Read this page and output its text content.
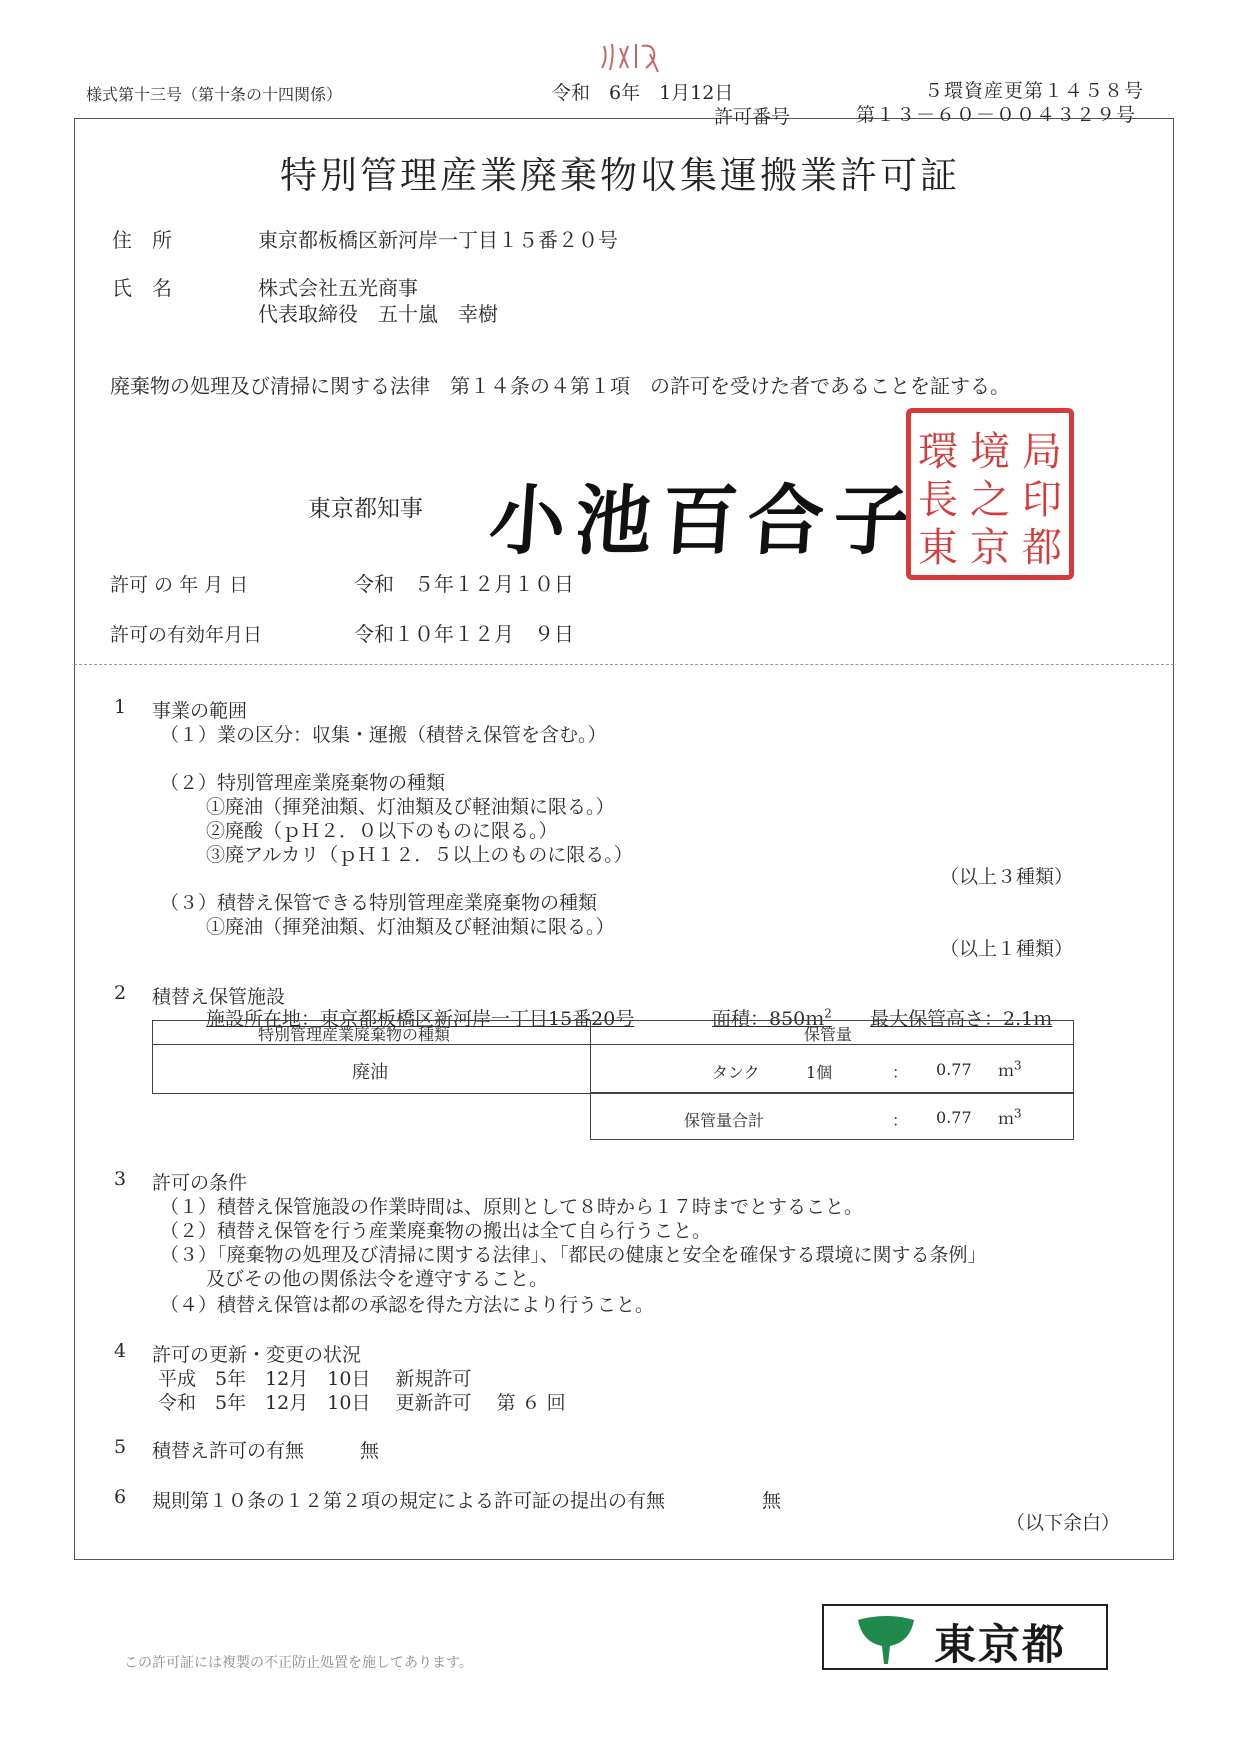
様式第十三号（第十条の十四関係）	令和　6年　1月12日	５環資産更第１４５８号
許可番号	第１３－６０－００４３２９号
特別管理産業廃棄物収集運搬業許可証
住　所	東京都板橋区新河岸一丁目１５番２０号
氏　名	株式会社五光商事
代表取締役　五十嵐　幸樹
廃棄物の処理及び清掃に関する法律　第１４条の４第１項　の許可を受けた者であることを証する。
東京都知事 小池百合子
環 境 局
長 之 印
東 京 都
許可 の 年 月 日	令和　５年１２月１０日
許可の有効年月日	令和１０年１２月　９日
1 事業の範囲
（１）業の区分：収集・運搬（積替え保管を含む。）
（２）特別管理産業廃棄物の種類
①廃油（揮発油類、灯油類及び軽油類に限る。）
②廃酸（ｐＨ２．０以下のものに限る。）
③廃アルカリ（ｐＨ１２．５以上のものに限る。）
（以上３種類）
（３）積替え保管できる特別管理産業廃棄物の種類
①廃油（揮発油類、灯油類及び軽油類に限る。）
（以上１種類）
2 積替え保管施設
施設所在地：東京都板橋区新河岸一丁目15番20号	面積：850ｍ$^2$ 最大保管高さ：2.1ｍ
特別管理産業廃棄物の種類	保管量
廃油	タンク	1個	： 0.77 ｍ$^3$
保管量合計	： 0.77 ｍ$^3$
3 許可の条件
（１）積替え保管施設の作業時間は、原則として８時から１７時までとすること。
（２）積替え保管を行う産業廃棄物の搬出は全て自ら行うこと。
（３）「廃棄物の処理及び清掃に関する法律」、「都民の健康と安全を確保する環境に関する条例」
及びその他の関係法令を遵守すること。
（４）積替え保管は都の承認を得た方法により行うこと。
4 許可の更新・変更の状況
平成　5年　12月　10日　 新規許可
令和　5年　12月　10日　 更新許可　 第 ６ 回
5 積替え許可の有無	無
6 規則第１０条の１２第２項の規定による許可証の提出の有無	無
（以下余白）
東京都
この許可証には複製の不正防止処置を施してあります。
